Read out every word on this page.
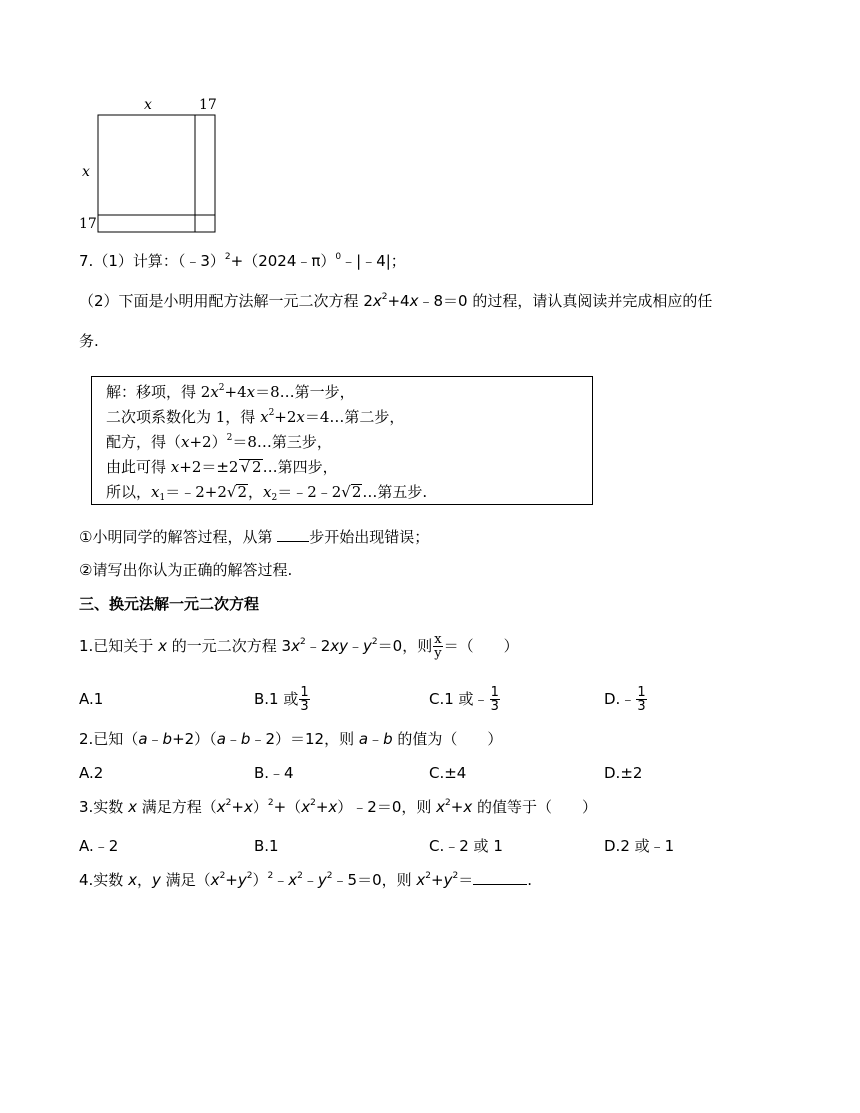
x	17
x
17
7.（1）计算：（﹣3）$^2$+（2024﹣π）$^0$﹣|﹣4|；
（2）下面是小明用配方法解一元二次方程 $2x^2+4x﹣8=0$ 的过程，请认真阅读并完成相应的任
务.
解：移项，得 $2x^2+4x=8\dots$第一步，
二次项系数化为 1，得 $x^2+2x=4\dots$第二步，
配方，得$(x+2)^2=8\dots$第三步，
由此可得 x+2＝±2 √ 2…第四步，
所以，$x_1=﹣2+2√2$，$x_2=﹣2﹣2√2\dots$第五步.
①小明同学的解答过程，从第 步开始出现错误；
②请写出你认为正确的解答过程.
三、换元法解一元二次方程
1.已知关于 x 的一元二次方程 $3x^2﹣2xy﹣y^2=0$，则 $\frac{x}{y}$ ＝（　　）
A.1	B.1 或 $\frac{1}{3}$	C.1 或﹣ $\frac{1}{3}$	D.﹣ $\frac{1}{3}$
2.已知（a﹣b+2）（a﹣b﹣2）＝12，则 a﹣b 的值为（　　）
A.2	B.﹣4	C.±4	D.±2
3.实数 x 满足方程$(x^2+x)^2+(x^2+x)﹣2=0$，则 $x^2+x$ 的值等于（　　）
A.﹣2	B.1	C.﹣2 或 1	D.2 或﹣1
4.实数 x，y 满足$(x^2+y^2)^2﹣x^2﹣y^2﹣5=0$，则 $x^2+y^2=$	.
